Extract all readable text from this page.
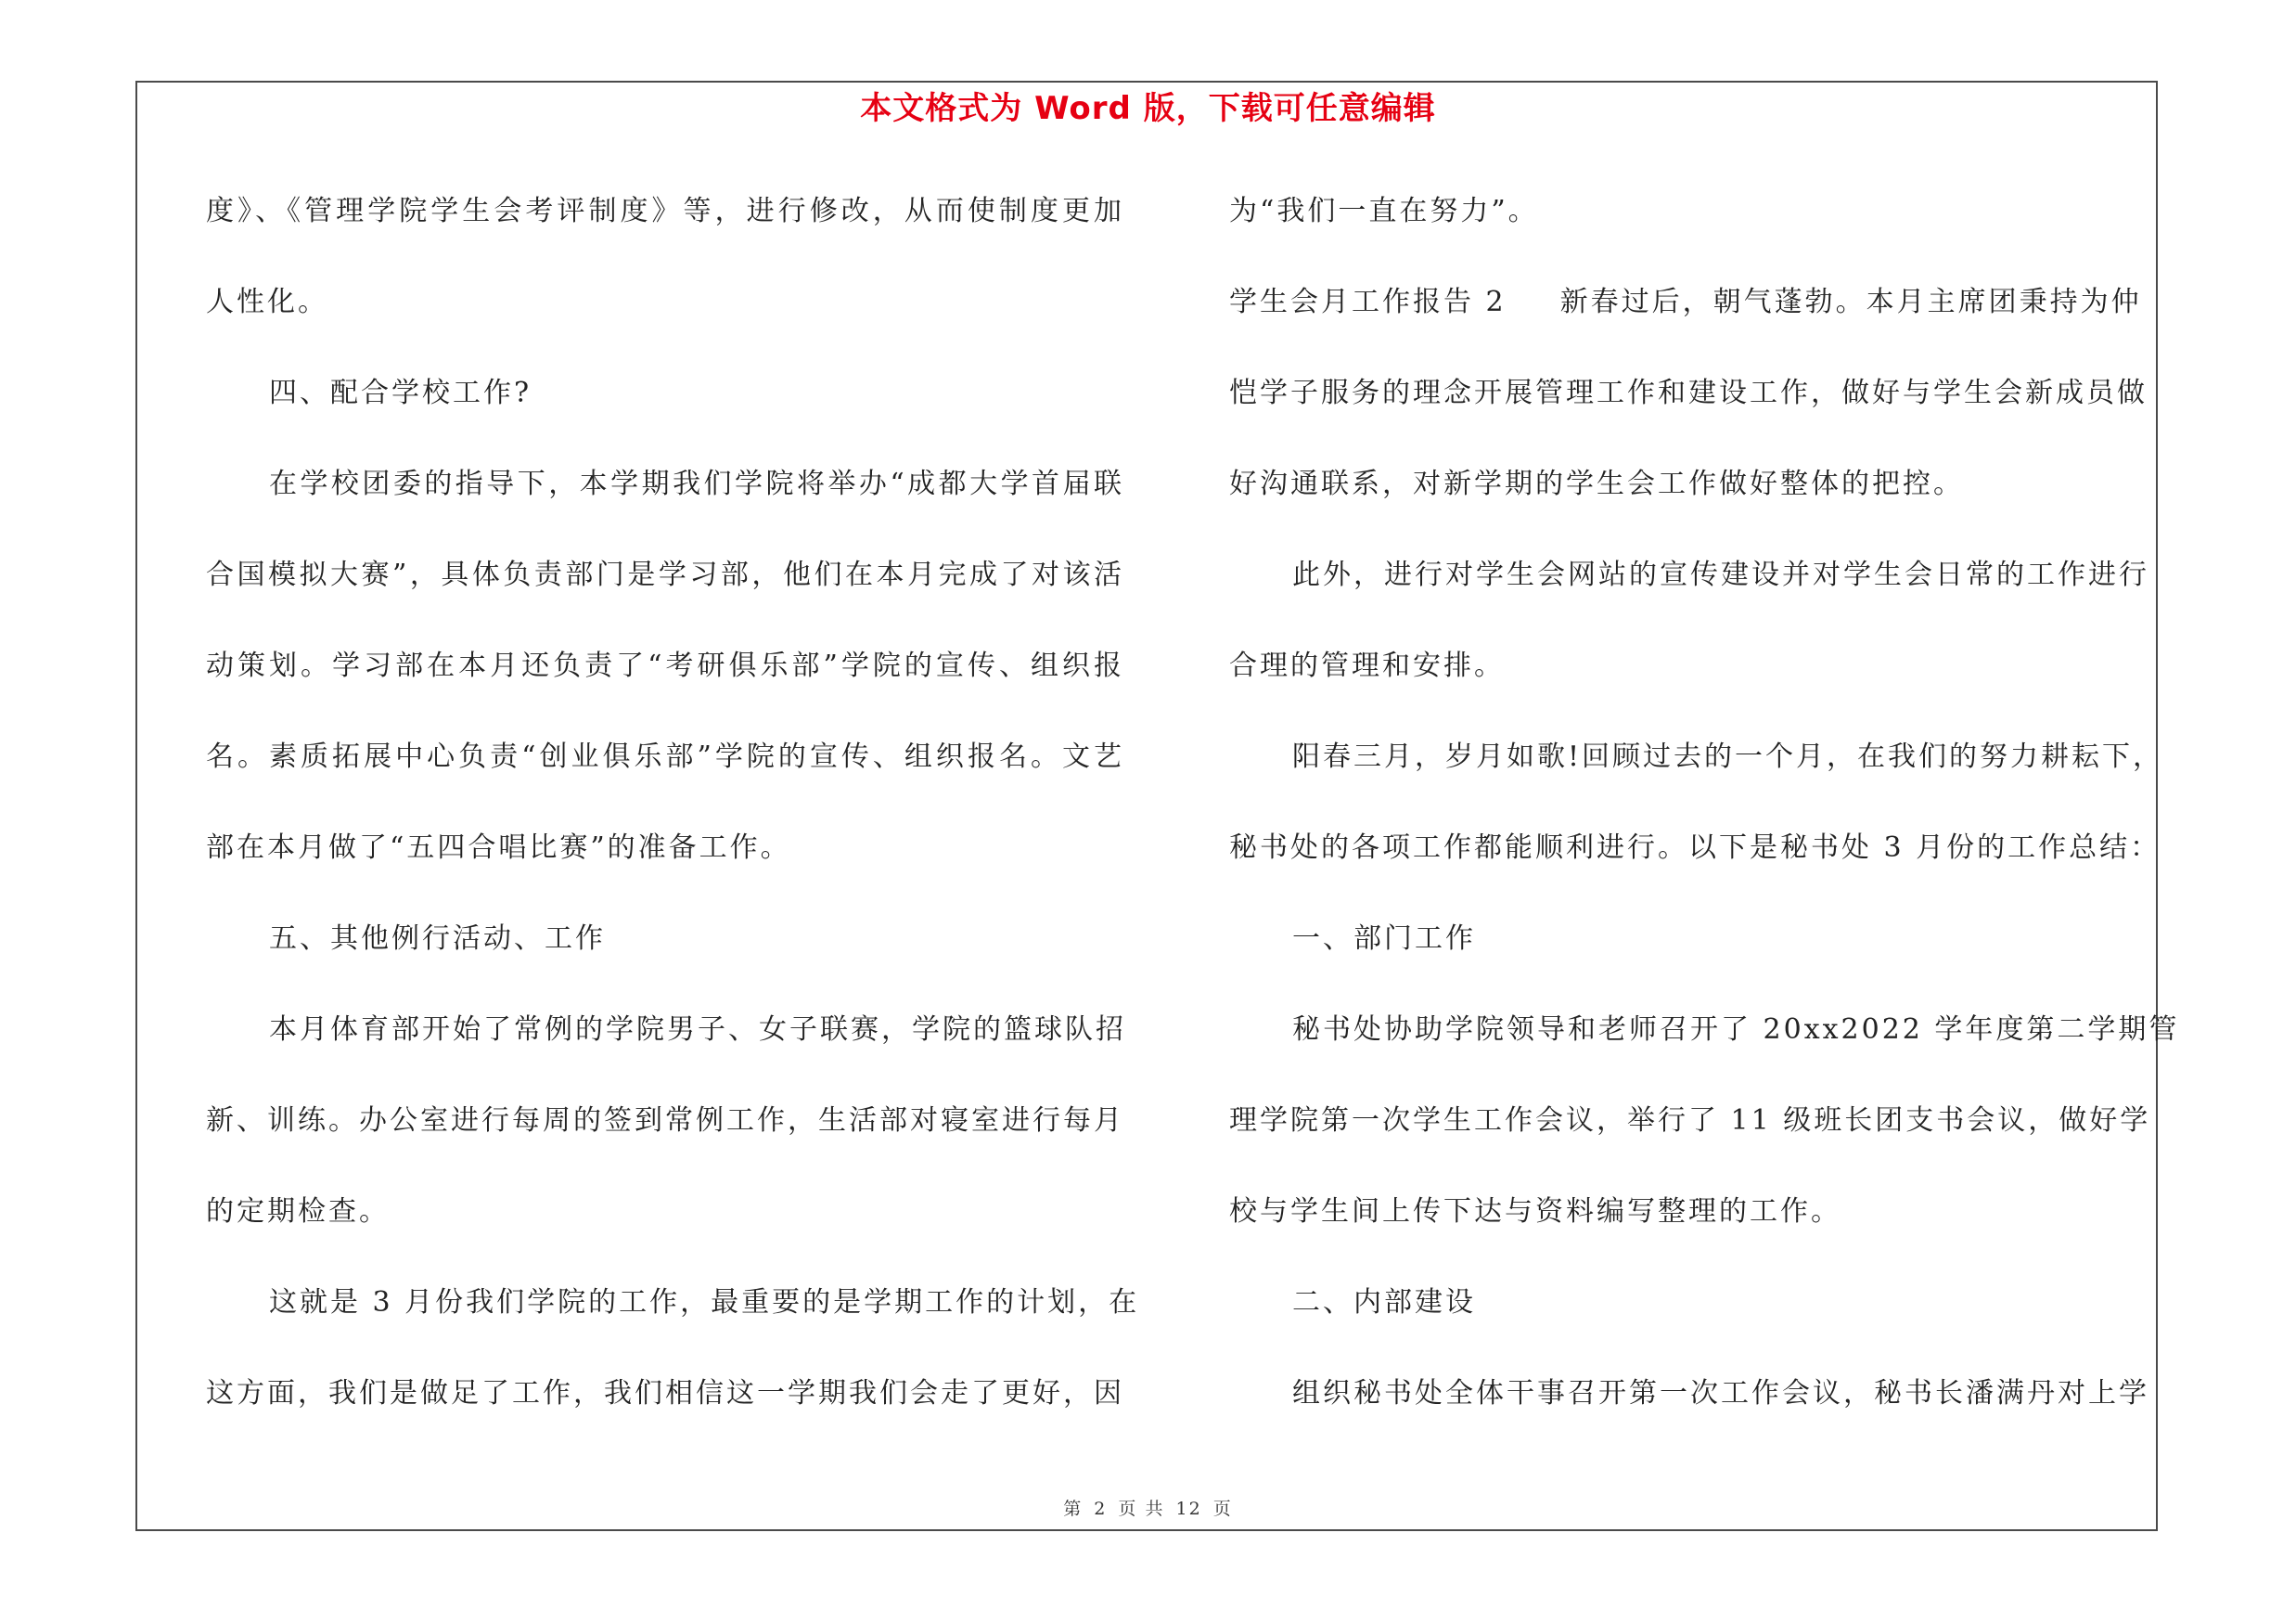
本文格式为 Word 版，下载可任意编辑
度》、《管理学院学生会考评制度》等，进行修改，从而使制度更加
人性化。
四、配合学校工作?
在学校团委的指导下，本学期我们学院将举办“成都大学首届联
合国模拟大赛”，具体负责部门是学习部，他们在本月完成了对该活
动策划。学习部在本月还负责了“考研俱乐部”学院的宣传、组织报
名。素质拓展中心负责“创业俱乐部”学院的宣传、组织报名。文艺
部在本月做了“五四合唱比赛”的准备工作。
五、其他例行活动、工作
本月体育部开始了常例的学院男子、女子联赛，学院的篮球队招
新、训练。办公室进行每周的签到常例工作，生活部对寝室进行每月
的定期检查。
这就是 3 月份我们学院的工作，最重要的是学期工作的计划，在
这方面，我们是做足了工作，我们相信这一学期我们会走了更好，因
为“我们一直在努力”。
学生会月工作报告 2 新春过后，朝气蓬勃。本月主席团秉持为仲
恺学子服务的理念开展管理工作和建设工作，做好与学生会新成员做
好沟通联系，对新学期的学生会工作做好整体的把控。
此外，进行对学生会网站的宣传建设并对学生会日常的工作进行
合理的管理和安排。
阳春三月，岁月如歌!回顾过去的一个月，在我们的努力耕耘下，
秘书处的各项工作都能顺利进行。以下是秘书处 3 月份的工作总结：
一、部门工作
秘书处协助学院领导和老师召开了 20xx2022 学年度第二学期管
理学院第一次学生工作会议，举行了 11 级班长团支书会议，做好学
校与学生间上传下达与资料编写整理的工作。
二、内部建设
组织秘书处全体干事召开第一次工作会议，秘书长潘满丹对上学
第 2 页 共 12 页
